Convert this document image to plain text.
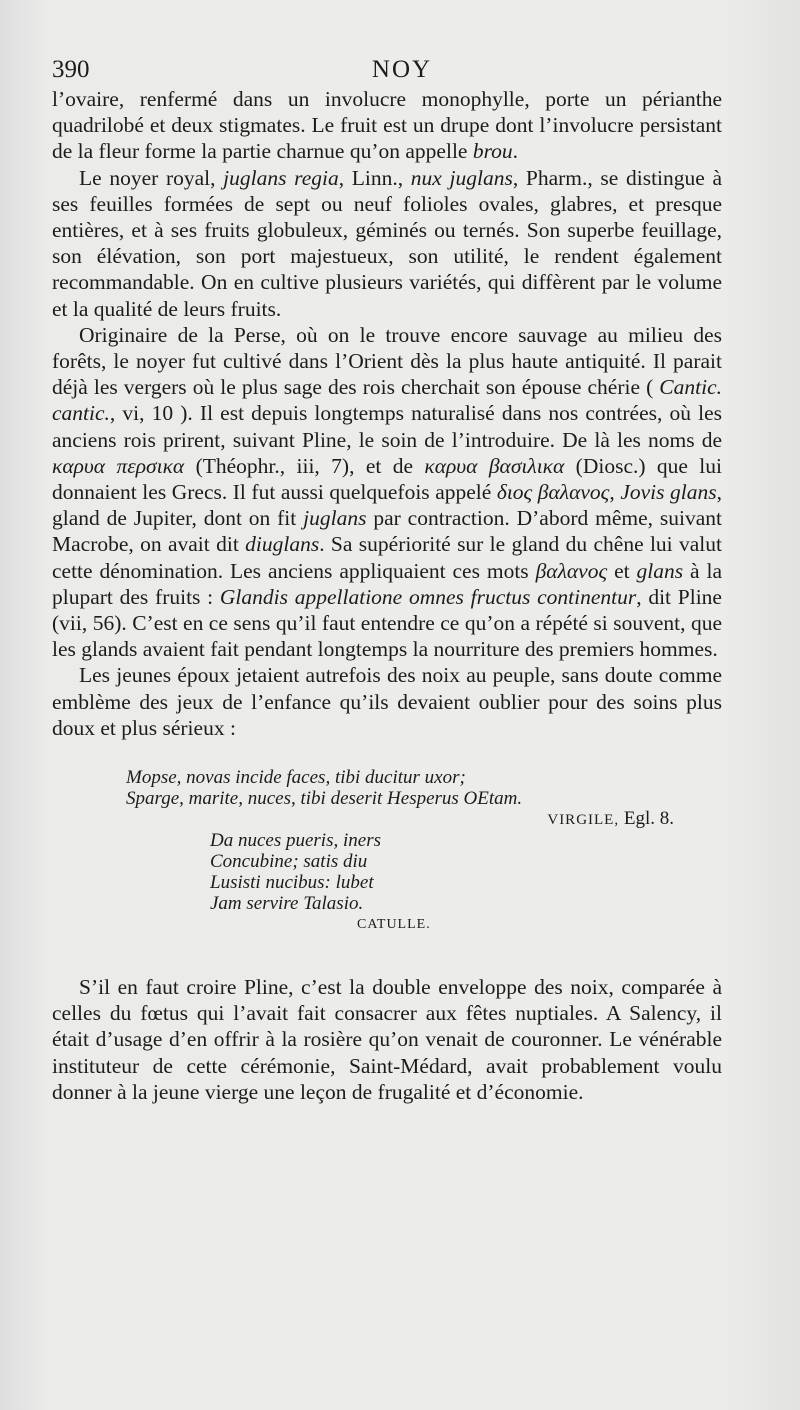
390	NOY

l’ovaire, renfermé dans un involucre monophylle, porte un périanthe quadrilobé et deux stigmates. Le fruit est un drupe dont l’involucre persistant de la fleur forme la partie charnue qu’on appelle brou.

Le noyer royal, juglans regia, Linn., nux juglans, Pharm., se distingue à ses feuilles formées de sept ou neuf folioles ovales, glabres, et presque entières, et à ses fruits globuleux, géminés ou ternés. Son superbe feuillage, son élévation, son port majestueux, son utilité, le rendent également recommandable. On en cultive plusieurs variétés, qui diffèrent par le volume et la qualité de leurs fruits.

Originaire de la Perse, où on le trouve encore sauvage au milieu des forêts, le noyer fut cultivé dans l’Orient dès la plus haute antiquité. Il parait déjà les vergers où le plus sage des rois cherchait son épouse chérie ( Cantic. cantic., vi, 10 ). Il est depuis longtemps naturalisé dans nos contrées, où les anciens rois prirent, suivant Pline, le soin de l’introduire. De là les noms de καρυα περσικα (Théophr., iii, 7), et de καρυα βασιλικα (Diosc.) que lui donnaient les Grecs. Il fut aussi quelquefois appelé διος βαλανος, Jovis glans, gland de Jupiter, dont on fit juglans par contraction. D’abord même, suivant Macrobe, on avait dit diuglans. Sa supériorité sur le gland du chêne lui valut cette dénomination. Les anciens appliquaient ces mots βαλανος et glans à la plupart des fruits : Glandis appellatione omnes fructus continentur, dit Pline (vii, 56). C’est en ce sens qu’il faut entendre ce qu’on a répété si souvent, que les glands avaient fait pendant longtemps la nourriture des premiers hommes.

Les jeunes époux jetaient autrefois des noix au peuple, sans doute comme emblème des jeux de l’enfance qu’ils devaient oublier pour des soins plus doux et plus sérieux :

Mopse, novas incide faces, tibi ducitur uxor;
Sparge, marite, nuces, tibi deserit Hesperus OEtam.
VIRGILE, Egl. 8.
Da nuces pueris, iners
Concubine; satis diu
Lusisti nucibus: lubet
Jam servire Talasio.
CATULLE.

S’il en faut croire Pline, c’est la double enveloppe des noix, comparée à celles du fœtus qui l’avait fait consacrer aux fêtes nuptiales. A Salency, il était d’usage d’en offrir à la rosière qu’on venait de couronner. Le vénérable instituteur de cette cérémonie, Saint-Médard, avait probablement voulu donner à la jeune vierge une leçon de frugalité et d’économie.
